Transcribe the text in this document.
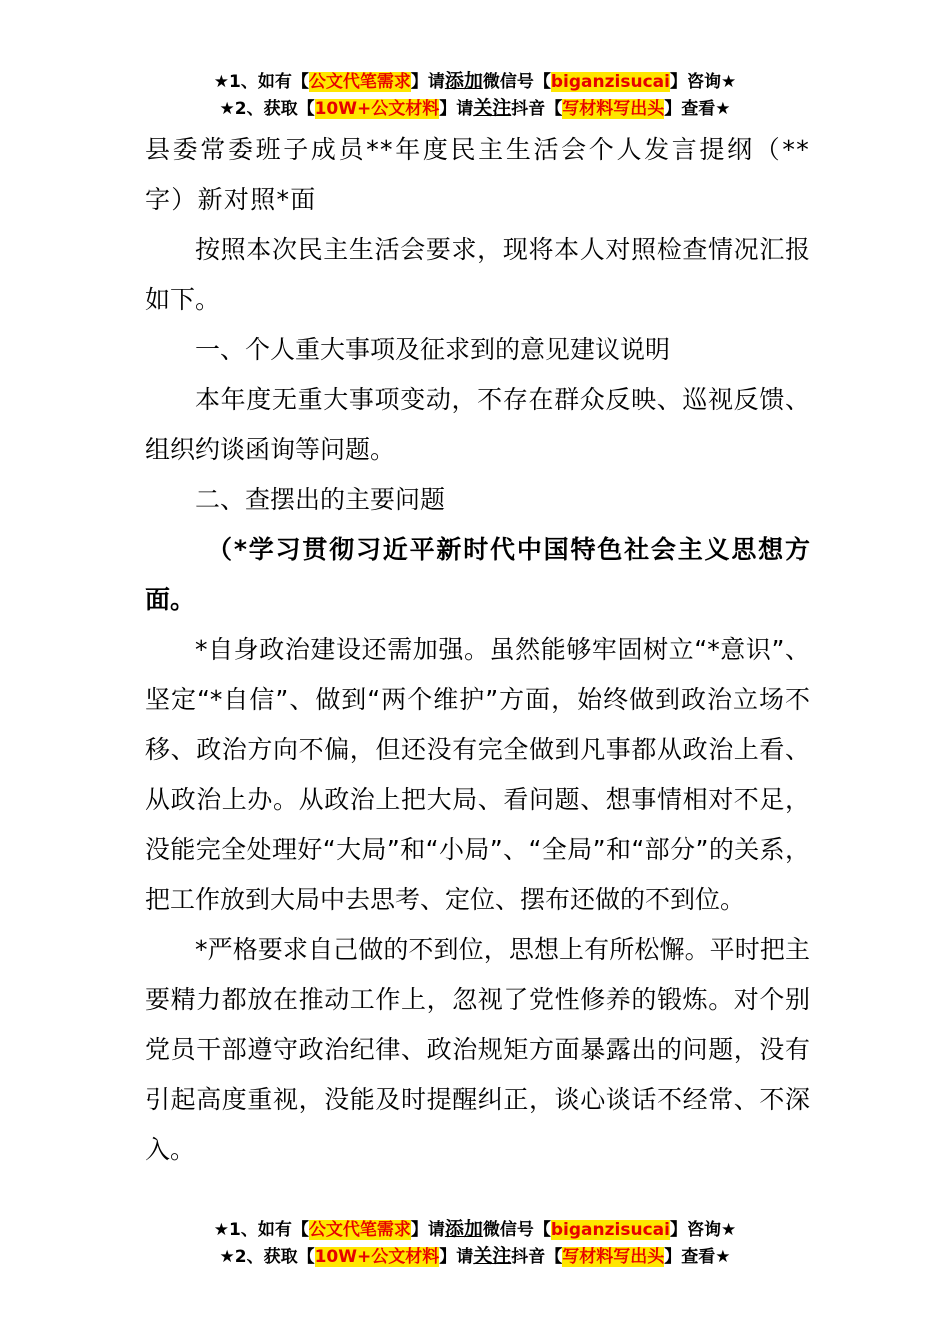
★1、如有【公文代笔需求】请添加微信号【biganzisucai】咨询★
★2、获取【10W+公文材料】请关注抖音【写材料写出头】查看★

县委常委班子成员**年度民主生活会个人发言提纲（**字）新对照*面

按照本次民主生活会要求，现将本人对照检查情况汇报如下。

一、个人重大事项及征求到的意见建议说明

本年度无重大事项变动，不存在群众反映、巡视反馈、组织约谈函询等问题。

二、查摆出的主要问题

（*学习贯彻习近平新时代中国特色社会主义思想方面。

*自身政治建设还需加强。虽然能够牢固树立“*意识”、坚定“*自信”、做到“两个维护”方面，始终做到政治立场不移、政治方向不偏，但还没有完全做到凡事都从政治上看、从政治上办。从政治上把大局、看问题、想事情相对不足，没能完全处理好“大局”和“小局”、“全局”和“部分”的关系，把工作放到大局中去思考、定位、摆布还做的不到位。

*严格要求自己做的不到位，思想上有所松懈。平时把主要精力都放在推动工作上，忽视了党性修养的锻炼。对个别党员干部遵守政治纪律、政治规矩方面暴露出的问题，没有引起高度重视，没能及时提醒纠正，谈心谈话不经常、不深入。

★1、如有【公文代笔需求】请添加微信号【biganzisucai】咨询★
★2、获取【10W+公文材料】请关注抖音【写材料写出头】查看★
